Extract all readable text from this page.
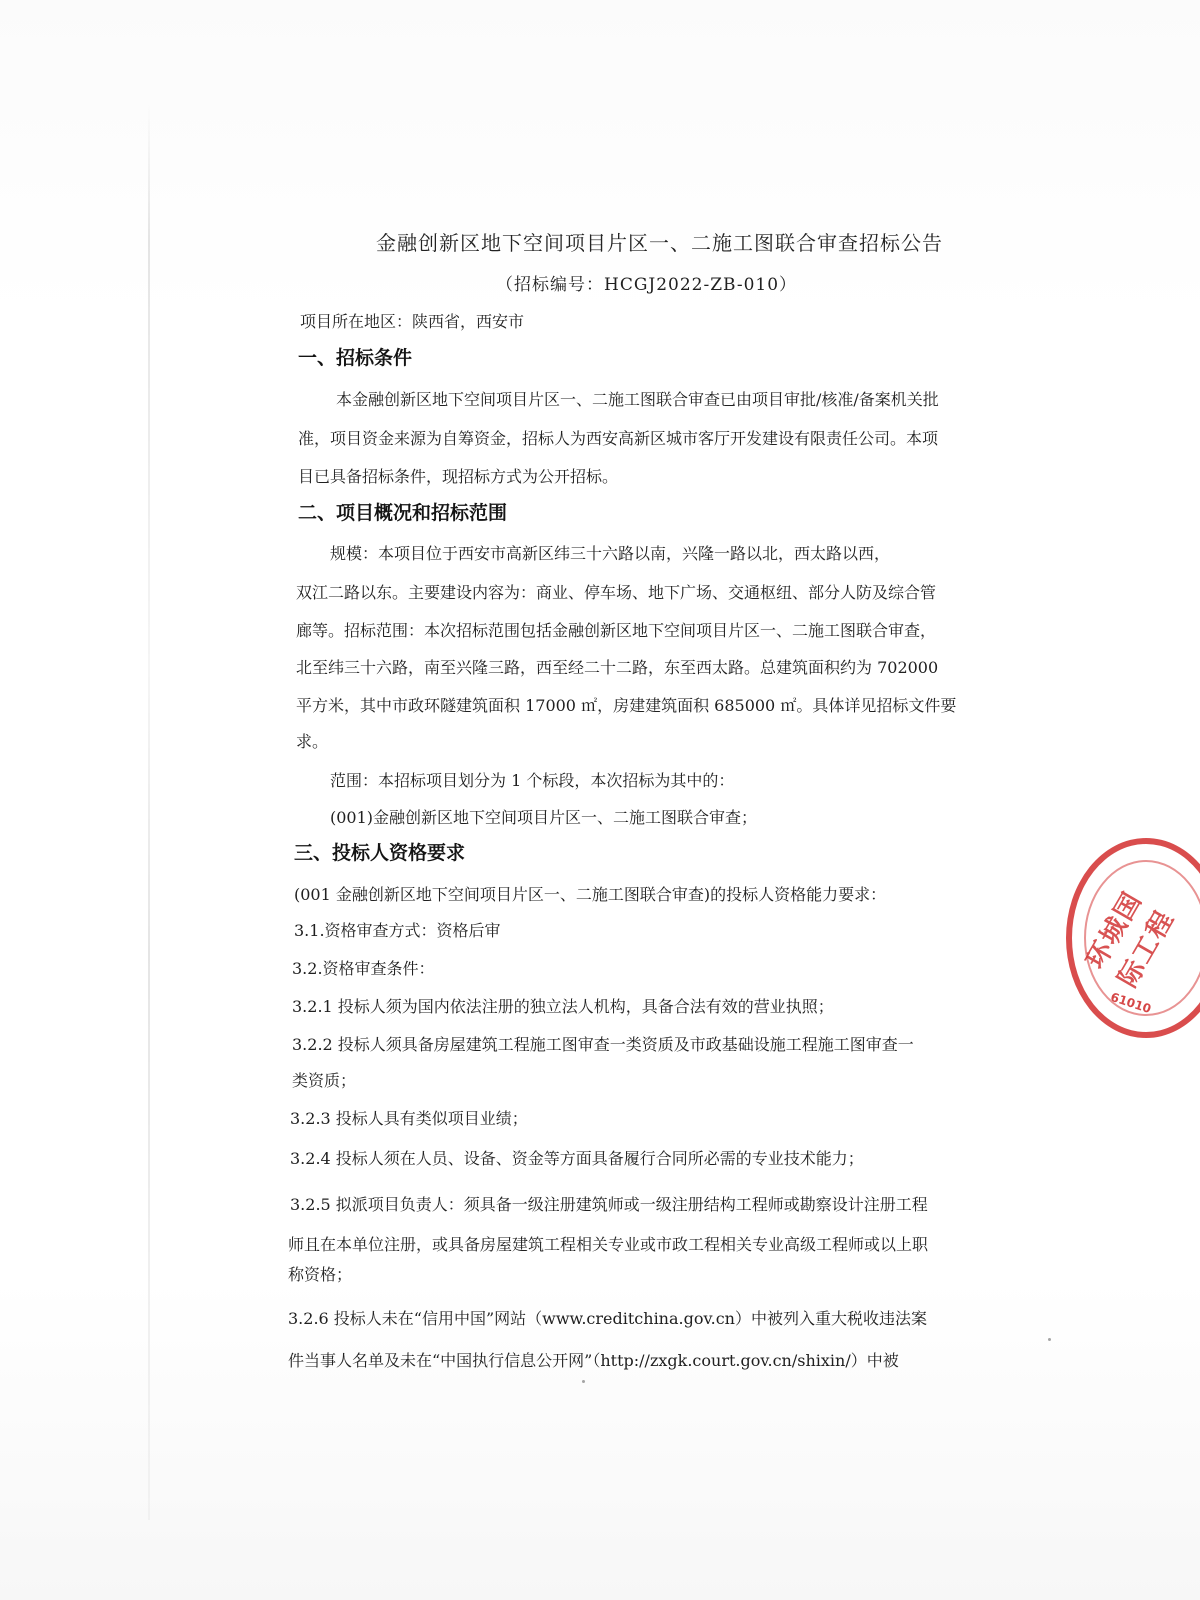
金融创新区地下空间项目片区一、二施工图联合审查招标公告
（招标编号：HCGJ2022-ZB-010）
项目所在地区：陕西省，西安市
一、招标条件
本金融创新区地下空间项目片区一、二施工图联合审查已由项目审批/核准/备案机关批
准，项目资金来源为自筹资金，招标人为西安高新区城市客厅开发建设有限责任公司。本项
目已具备招标条件，现招标方式为公开招标。
二、项目概况和招标范围
规模：本项目位于西安市高新区纬三十六路以南，兴隆一路以北，西太路以西，
双江二路以东。主要建设内容为：商业、停车场、地下广场、交通枢纽、部分人防及综合管
廊等。招标范围：本次招标范围包括金融创新区地下空间项目片区一、二施工图联合审查，
北至纬三十六路，南至兴隆三路，西至经二十二路，东至西太路。总建筑面积约为 702000
平方米，其中市政环隧建筑面积 17000 ㎡，房建建筑面积 685000 ㎡。具体详见招标文件要
求。
范围：本招标项目划分为 1 个标段，本次招标为其中的：
(001)金融创新区地下空间项目片区一、二施工图联合审查；
三、投标人资格要求
(001 金融创新区地下空间项目片区一、二施工图联合审查)的投标人资格能力要求：
3.1.资格审查方式：资格后审
3.2.资格审查条件：
3.2.1 投标人须为国内依法注册的独立法人机构，具备合法有效的营业执照；
3.2.2 投标人须具备房屋建筑工程施工图审查一类资质及市政基础设施工程施工图审查一
类资质；
3.2.3 投标人具有类似项目业绩；
3.2.4 投标人须在人员、设备、资金等方面具备履行合同所必需的专业技术能力；
3.2.5 拟派项目负责人：须具备一级注册建筑师或一级注册结构工程师或勘察设计注册工程
师且在本单位注册，或具备房屋建筑工程相关专业或市政工程相关专业高级工程师或以上职
称资格；
3.2.6 投标人未在“信用中国”网站（www.creditchina.gov.cn）中被列入重大税收违法案
件当事人名单及未在“中国执行信息公开网”（http://zxgk.court.gov.cn/shixin/）中被
环城国际工程
61010
